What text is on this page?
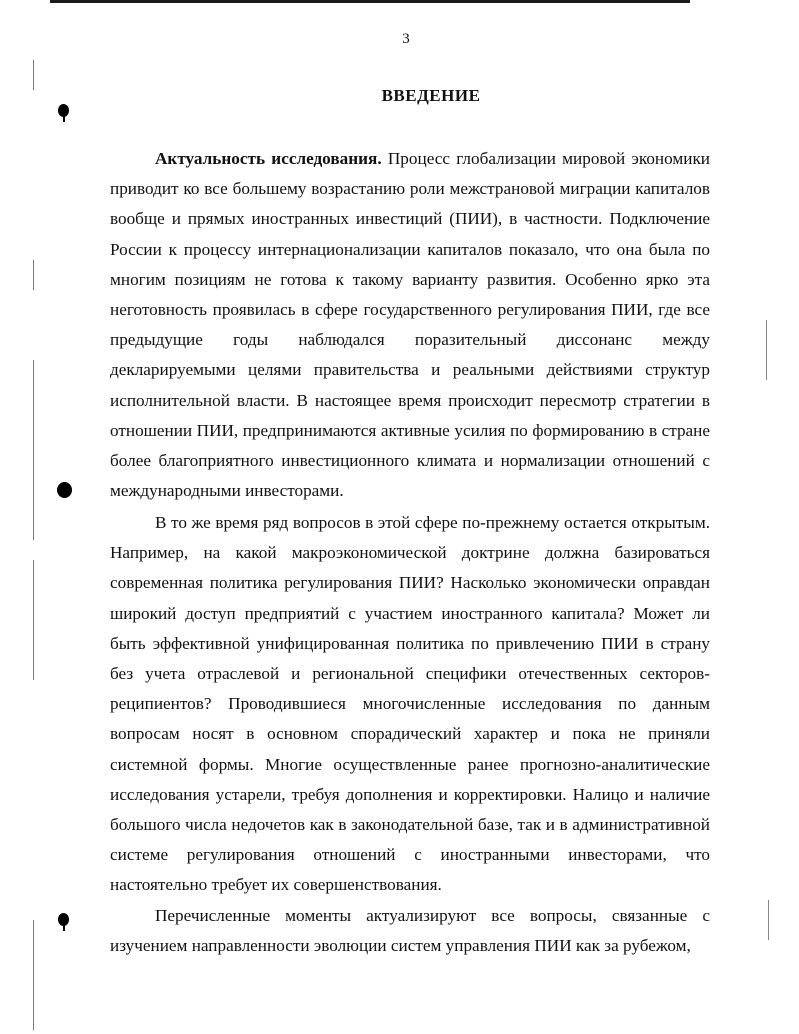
3
ВВЕДЕНИЕ

Актуальность исследования. Процесс глобализации мировой экономики приводит ко все большему возрастанию роли межстрановой миграции капиталов вообще и прямых иностранных инвестиций (ПИИ), в частности. Подключение России к процессу интернационализации капиталов показало, что она была по многим позициям не готова к такому варианту развития. Особенно ярко эта неготовность проявилась в сфере государственного регулирования ПИИ, где все предыдущие годы наблюдался поразительный диссонанс между декларируемыми целями правительства и реальными действиями структур исполнительной власти. В настоящее время происходит пересмотр стратегии в отношении ПИИ, предпринимаются активные усилия по формированию в стране более благоприятного инвестиционного климата и нормализации отношений с международными инвесторами.

В то же время ряд вопросов в этой сфере по-прежнему остается открытым. Например, на какой макроэкономической доктрине должна базироваться современная политика регулирования ПИИ? Насколько экономически оправдан широкий доступ предприятий с участием иностранного капитала? Может ли быть эффективной унифицированная политика по привлечению ПИИ в страну без учета отраслевой и региональной специфики отечественных секторов-реципиентов? Проводившиеся многочисленные исследования по данным вопросам носят в основном спорадический характер и пока не приняли системной формы. Многие осуществленные ранее прогнозно-аналитические исследования устарели, требуя дополнения и корректировки. Налицо и наличие большого числа недочетов как в законодательной базе, так и в административной системе регулирования отношений с иностранными инвесторами, что настоятельно требует их совершенствования.

Перечисленные моменты актуализируют все вопросы, связанные с изучением направленности эволюции систем управления ПИИ как за рубежом,
